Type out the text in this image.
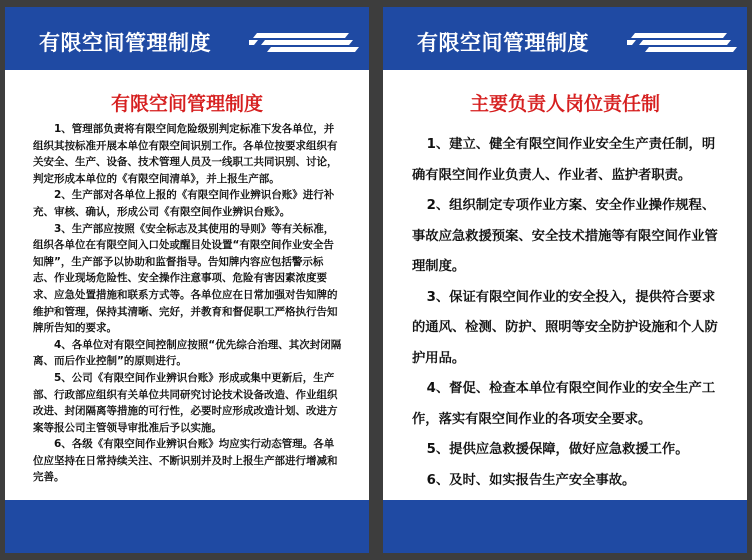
有限空间管理制度
有限空间管理制度

1、管理部负责将有限空间危险级别判定标准下发各单位，并组织其按标准开展本单位有限空间识别工作。各单位按要求组织有关安全、生产、设备、技术管理人员及一线职工共同识别、讨论，判定形成本单位的《有限空间清单》，并上报生产部。

2、生产部对各单位上报的《有限空间作业辨识台账》进行补充、审核、确认，形成公司《有限空间作业辨识台账》。

3、生产部应按照《安全标志及其使用的导则》等有关标准，组织各单位在有限空间入口处或醒目处设置“有限空间作业安全告知牌”，生产部予以协助和监督指导。告知牌内容应包括警示标志、作业现场危险性、安全操作注意事项、危险有害因素浓度要求、应急处置措施和联系方式等。各单位应在日常加强对告知牌的维护和管理，保持其清晰、完好，并教育和督促职工严格执行告知牌所告知的要求。

4、各单位对有限空间控制应按照“优先综合治理、其次封闭隔离、而后作业控制”的原则进行。

5、公司《有限空间作业辨识台账》形成或集中更新后，生产部、行政部应组织有关单位共同研究讨论技术设备改造、作业组织改进、封闭隔离等措施的可行性，必要时应形成改造计划、改进方案等报公司主管领导审批准后予以实施。

6、各级《有限空间作业辨识台账》均应实行动态管理。各单位应坚持在日常持续关注、不断识别并及时上报生产部进行增减和完善。

有限空间管理制度
主要负责人岗位责任制

1、建立、健全有限空间作业安全生产责任制，明确有限空间作业负责人、作业者、监护者职责。

2、组织制定专项作业方案、安全作业操作规程、事故应急救援预案、安全技术措施等有限空间作业管理制度。

3、保证有限空间作业的安全投入，提供符合要求的通风、检测、防护、照明等安全防护设施和个人防护用品。

4、督促、检查本单位有限空间作业的安全生产工作，落实有限空间作业的各项安全要求。

5、提供应急救援保障，做好应急救援工作。

6、及时、如实报告生产安全事故。
